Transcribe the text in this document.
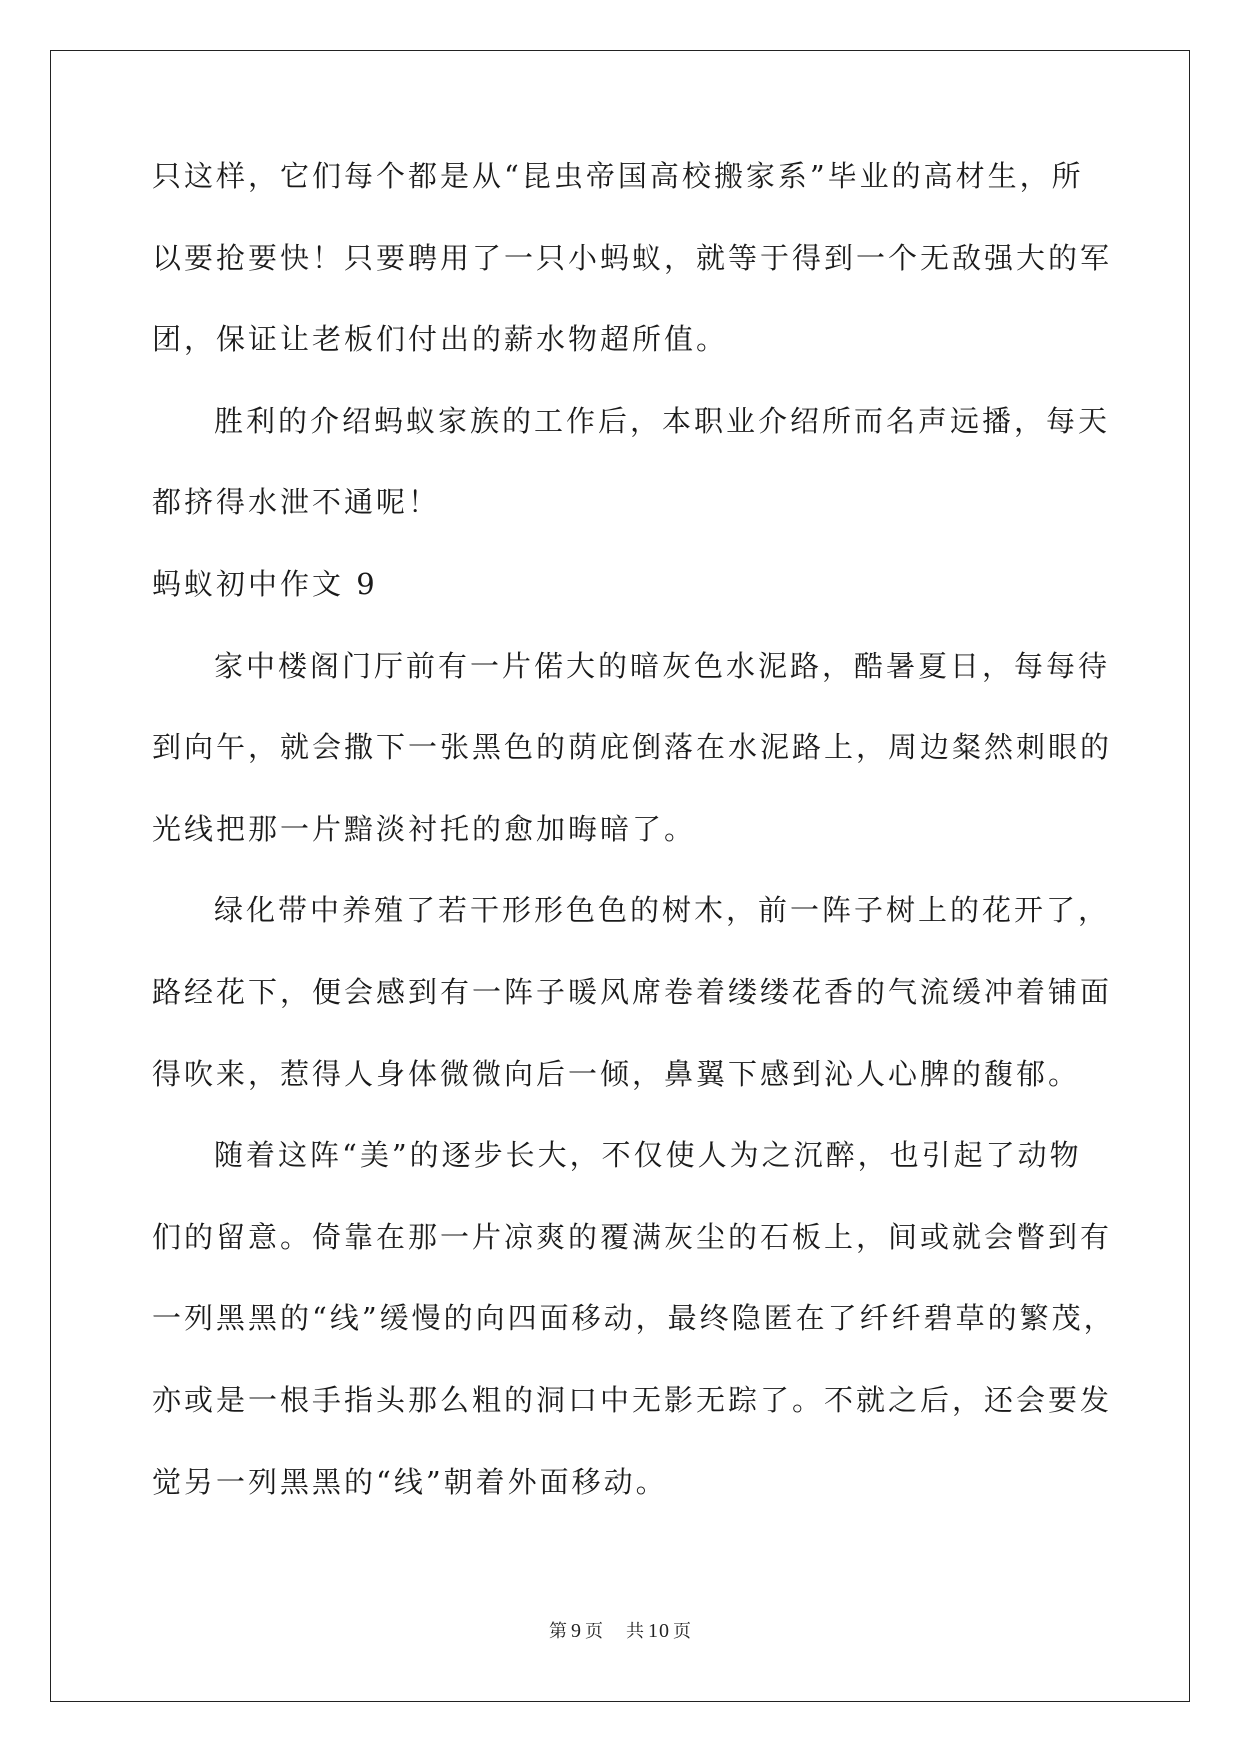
只这样，它们每个都是从“昆虫帝国高校搬家系”毕业的高材生，所
以要抢要快！只要聘用了一只小蚂蚁，就等于得到一个无敌强大的军
团，保证让老板们付出的薪水物超所值。
胜利的介绍蚂蚁家族的工作后，本职业介绍所而名声远播，每天
都挤得水泄不通呢！
蚂蚁初中作文 9
家中楼阁门厅前有一片偌大的暗灰色水泥路，酷暑夏日，每每待
到向午，就会撒下一张黑色的荫庇倒落在水泥路上，周边粲然刺眼的
光线把那一片黯淡衬托的愈加晦暗了。
绿化带中养殖了若干形形色色的树木，前一阵子树上的花开了，
路经花下，便会感到有一阵子暖风席卷着缕缕花香的气流缓冲着铺面
得吹来，惹得人身体微微向后一倾，鼻翼下感到沁人心脾的馥郁。
随着这阵“美”的逐步长大，不仅使人为之沉醉，也引起了动物
们的留意。倚靠在那一片凉爽的覆满灰尘的石板上，间或就会瞥到有
一列黑黑的“线”缓慢的向四面移动，最终隐匿在了纤纤碧草的繁茂，
亦或是一根手指头那么粗的洞口中无影无踪了。不就之后，还会要发
觉另一列黑黑的“线”朝着外面移动。
第 9 页 共 10 页
